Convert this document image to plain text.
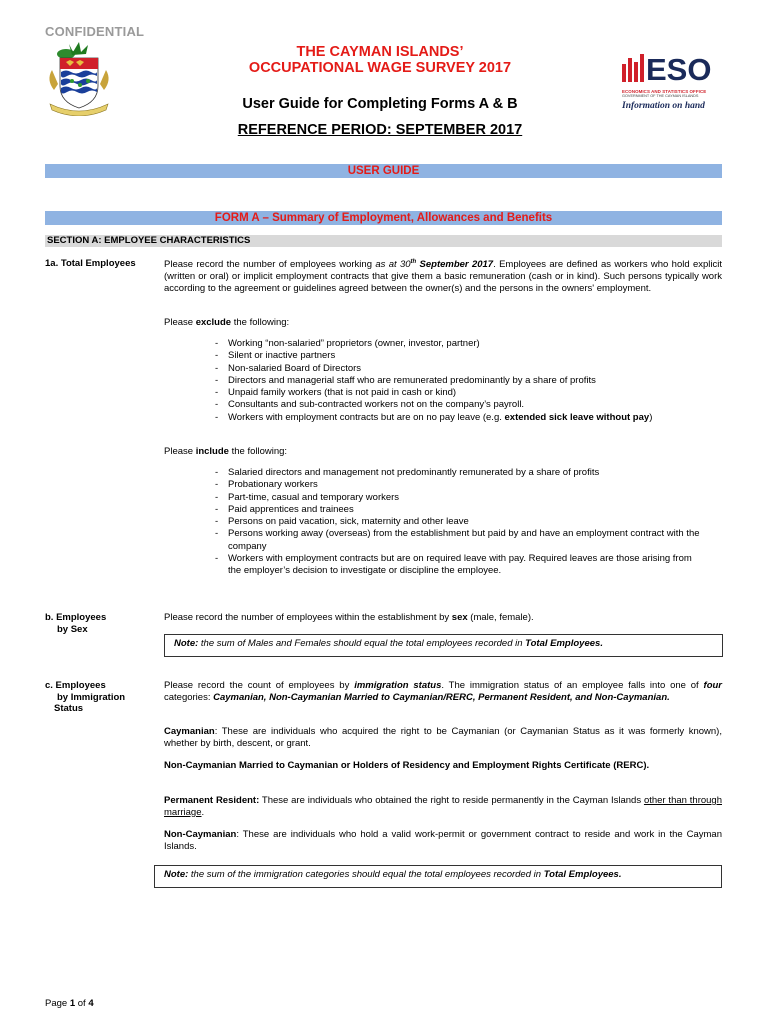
CONFIDENTIAL
THE CAYMAN ISLANDS’
OCCUPATIONAL WAGE SURVEY 2017
User Guide for Completing Forms A & B
REFERENCE PERIOD: SEPTEMBER 2017
ESO
ECONOMICS AND STATISTICS OFFICE
GOVERNMENT OF THE CAYMAN ISLANDS
Information on hand
USER GUIDE
FORM A – Summary of Employment, Allowances and Benefits
SECTION A: EMPLOYEE CHARACTERISTICS
1a. Total Employees	Please record the number of employees working as at 30th September 2017. Employees are defined as workers who hold explicit (written or oral) or implicit employment contracts that give them a basic remuneration (cash or in kind). Such persons typically work according to the agreement or guidelines agreed between the owner(s) and the persons in the owners' employment.
Please exclude the following:
- Working “non-salaried” proprietors (owner, investor, partner)
- Silent or inactive partners
- Non-salaried Board of Directors
- Directors and managerial staff who are remunerated predominantly by a share of profits
- Unpaid family workers (that is not paid in cash or kind)
- Consultants and sub-contracted workers not on the company’s payroll.
- Workers with employment contracts but are on no pay leave (e.g. extended sick leave without pay)
Please include the following:
- Salaried directors and management not predominantly remunerated by a share of profits
- Probationary workers
- Part-time, casual and temporary workers
- Paid apprentices and trainees
- Persons on paid vacation, sick, maternity and other leave
- Persons working away (overseas) from the establishment but paid by and have an employment contract with the company
- Workers with employment contracts but are on required leave with pay. Required leaves are those arising from the employer’s decision to investigate or discipline the employee.
b. Employees
by Sex
Please record the number of employees within the establishment by sex (male, female).
Note: the sum of Males and Females should equal the total employees recorded in Total Employees.
c. Employees
by Immigration
Status
Please record the count of employees by immigration status. The immigration status of an employee falls into one of four categories: Caymanian, Non-Caymanian Married to Caymanian/RERC, Permanent Resident, and Non-Caymanian.
Caymanian: These are individuals who acquired the right to be Caymanian (or Caymanian Status as it was formerly known), whether by birth, descent, or grant.
Non-Caymanian Married to Caymanian or Holders of Residency and Employment Rights Certificate (RERC).
Permanent Resident: These are individuals who obtained the right to reside permanently in the Cayman Islands other than through marriage.
Non-Caymanian: These are individuals who hold a valid work-permit or government contract to reside and work in the Cayman Islands.
Note: the sum of the immigration categories should equal the total employees recorded in Total Employees.
Page 1 of 4
